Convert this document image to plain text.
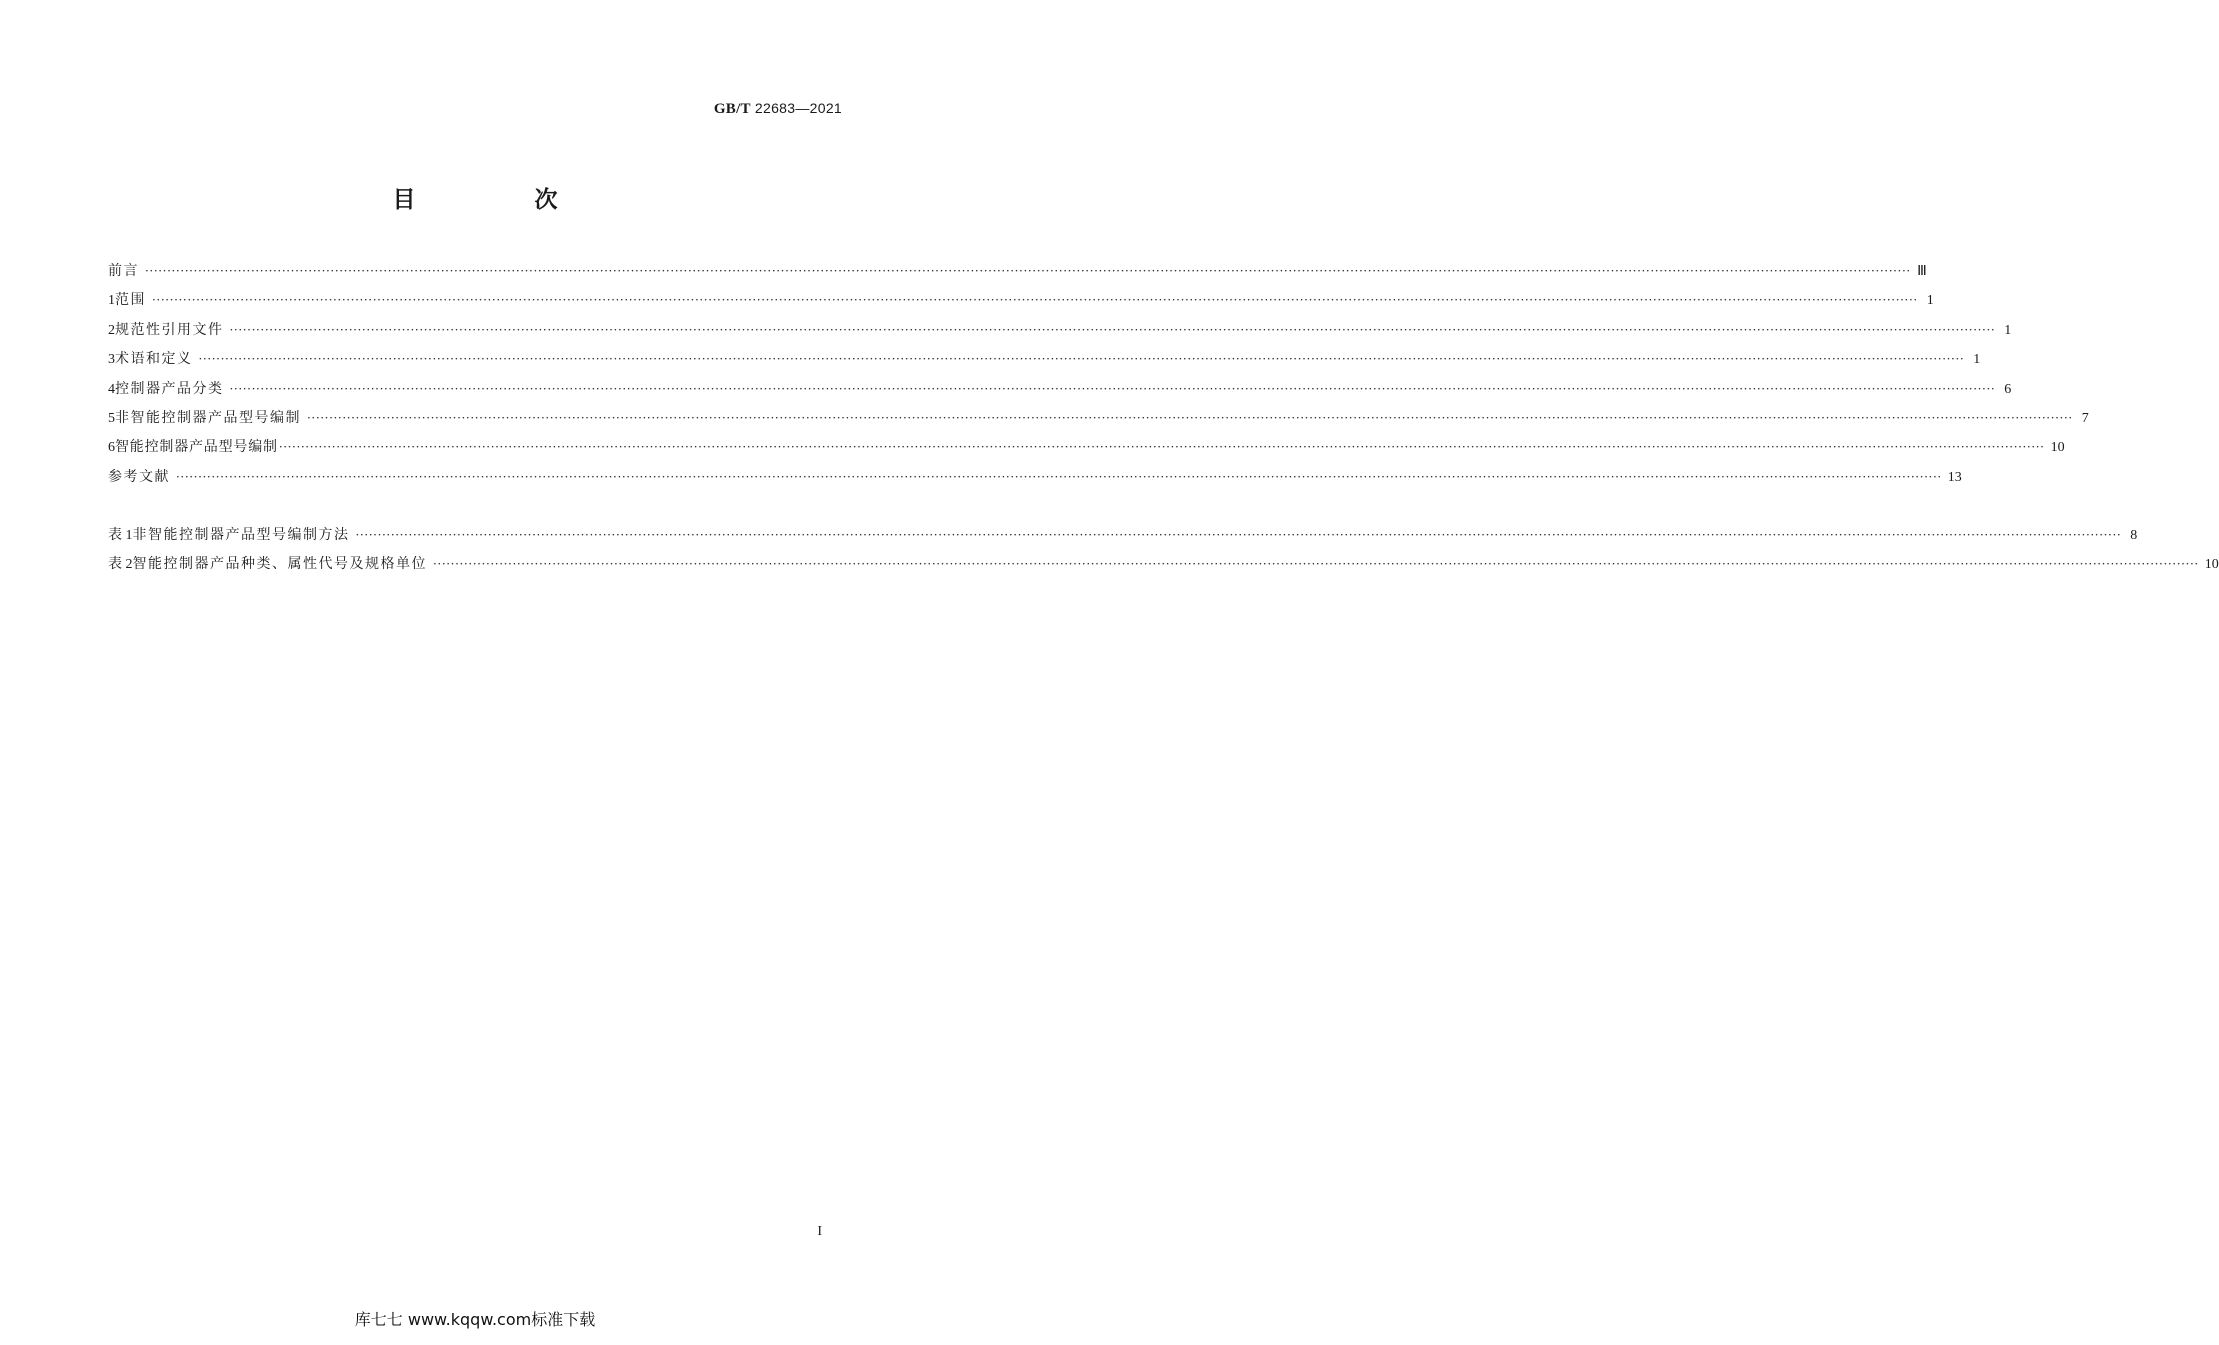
GB/T 22683—2021
目　次
前言 ················································································································································································································································································································································································································ Ⅲ
1 范围 ················································································································································································································································································································································································································ 1
2 规范性引用文件 ················································································································································································································································································································································································································ 1
3 术语和定义 ················································································································································································································································································································································································································ 1
4 控制器产品分类 ················································································································································································································································································································································································································ 6
5 非智能控制器产品型号编制 ················································································································································································································································································································································································································ 7
6 智能控制器产品型号编制 ················································································································································································································································································································································································································ 10
参考文献 ················································································································································································································································································································································································································ 13
表 1 非智能控制器产品型号编制方法 ················································································································································································································································································································································································································ 8
表 2 智能控制器产品种类、属性代号及规格单位 ················································································································································································································································································································································································································ 10
I
库七七 www.kqqw.com标准下载
